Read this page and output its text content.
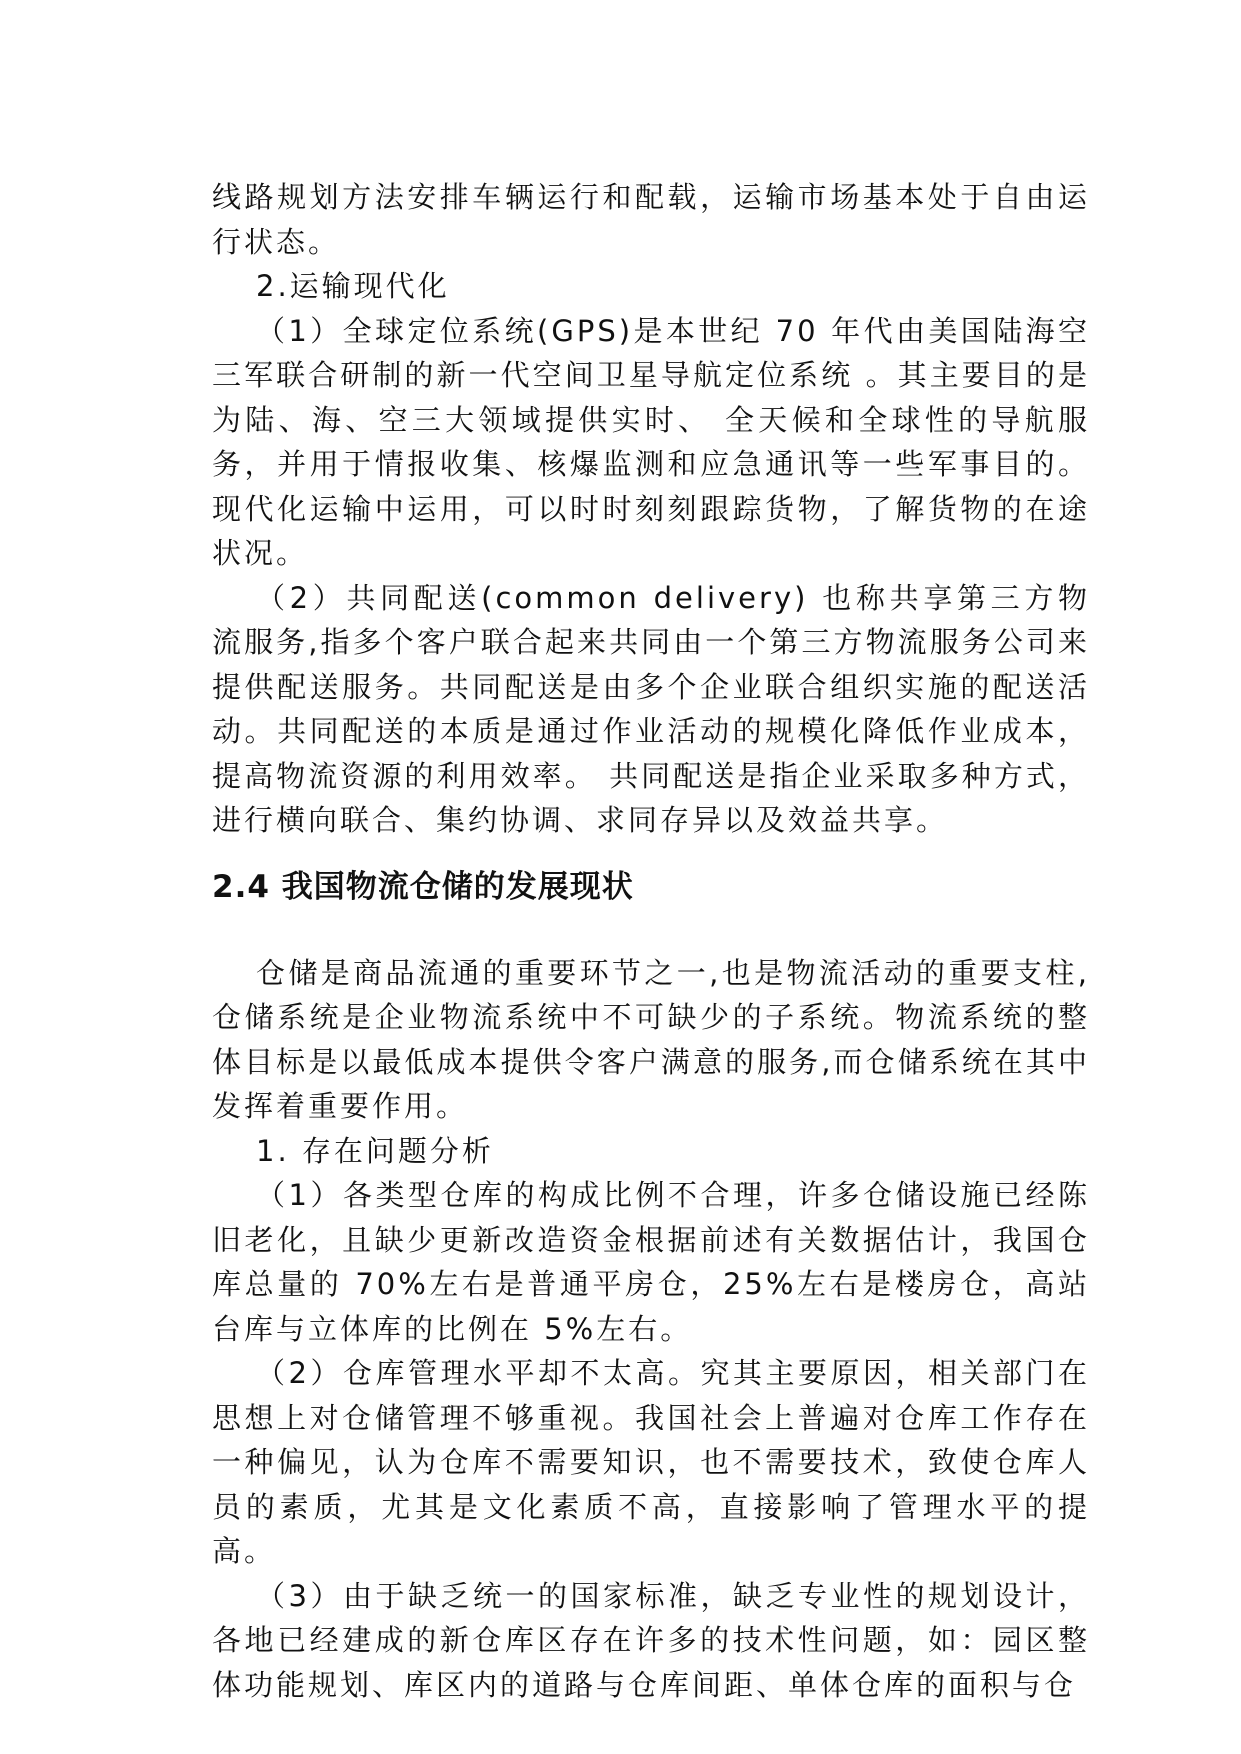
线路规划方法安排车辆运行和配载，运输市场基本处于自由运行状态。

2.运输现代化

（1）全球定位系统(GPS)是本世纪 70 年代由美国陆海空三军联合研制的新一代空间卫星导航定位系统 。其主要目的是为陆、海、空三大领域提供实时、 全天候和全球性的导航服务，并用于情报收集、核爆监测和应急通讯等一些军事目的。现代化运输中运用，可以时时刻刻跟踪货物，了解货物的在途状况。

（2）共同配送(common delivery) 也称共享第三方物流服务,指多个客户联合起来共同由一个第三方物流服务公司来提供配送服务。共同配送是由多个企业联合组织实施的配送活动。共同配送的本质是通过作业活动的规模化降低作业成本，提高物流资源的利用效率。 共同配送是指企业采取多种方式，进行横向联合、集约协调、求同存异以及效益共享。

2.4 我国物流仓储的发展现状

仓储是商品流通的重要环节之一,也是物流活动的重要支柱,仓储系统是企业物流系统中不可缺少的子系统。物流系统的整体目标是以最低成本提供令客户满意的服务,而仓储系统在其中发挥着重要作用。

1. 存在问题分析

（1）各类型仓库的构成比例不合理，许多仓储设施已经陈旧老化，且缺少更新改造资金根据前述有关数据估计，我国仓库总量的 70%左右是普通平房仓，25%左右是楼房仓，高站台库与立体库的比例在 5%左右。

（2）仓库管理水平却不太高。究其主要原因，相关部门在思想上对仓储管理不够重视。我国社会上普遍对仓库工作存在一种偏见，认为仓库不需要知识，也不需要技术，致使仓库人员的素质，尤其是文化素质不高，直接影响了管理水平的提高。

（3）由于缺乏统一的国家标准，缺乏专业性的规划设计，各地已经建成的新仓库区存在许多的技术性问题，如：园区整体功能规划、库区内的道路与仓库间距、单体仓库的面积与仓
